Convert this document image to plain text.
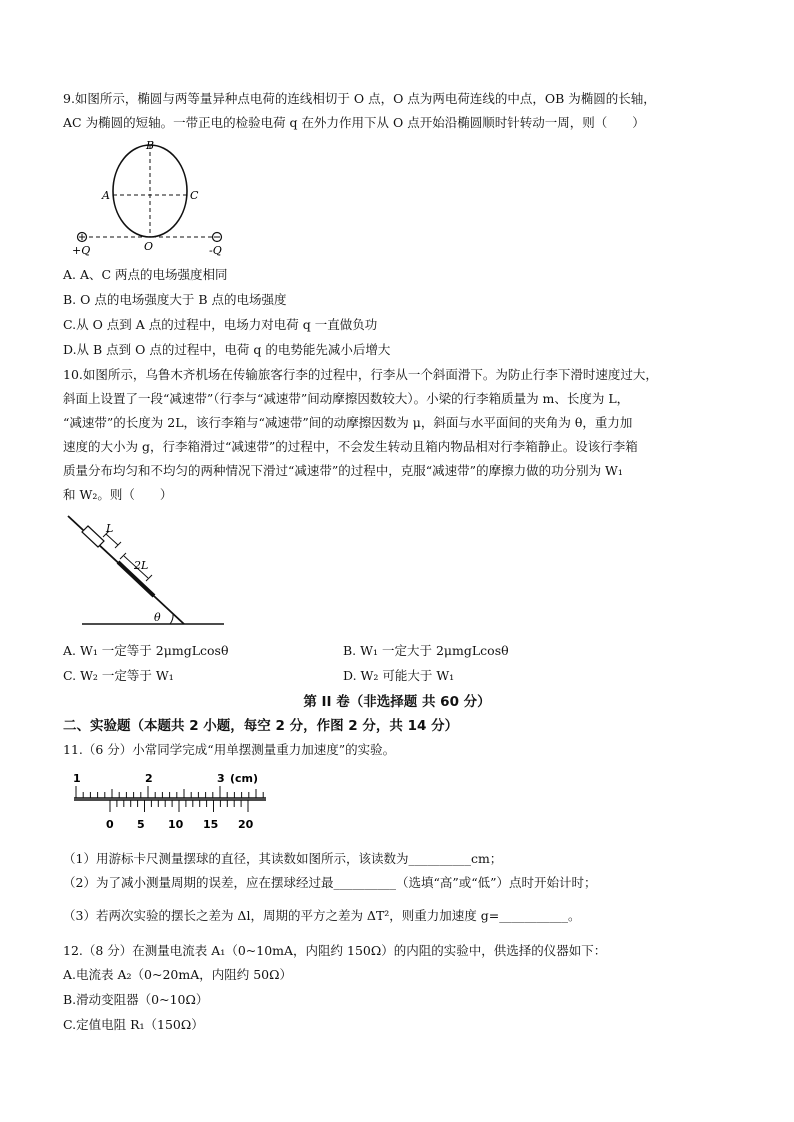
9.如图所示，椭圆与两等量异种点电荷的连线相切于 O 点，O 点为两电荷连线的中点，OB 为椭圆的长轴，
AC 为椭圆的短轴。一带正电的检验电荷 q 在外力作用下从 O 点开始沿椭圆顺时针转动一周，则（　　）
B
A	C
O
+Q	-Q
A. A、C 两点的电场强度相同
B. O 点的电场强度大于 B 点的电场强度
C.从 O 点到 A 点的过程中，电场力对电荷 q 一直做负功
D.从 B 点到 O 点的过程中，电荷 q 的电势能先减小后增大
10.如图所示，乌鲁木齐机场在传输旅客行李的过程中，行李从一个斜面滑下。为防止行李下滑时速度过大，
斜面上设置了一段“减速带”（行李与“减速带”间动摩擦因数较大）。小梁的行李箱质量为 m、长度为 L，
“减速带”的长度为 2L，该行李箱与“减速带”间的动摩擦因数为 μ，斜面与水平面间的夹角为 θ，重力加
速度的大小为 g，行李箱滑过“减速带”的过程中，不会发生转动且箱内物品相对行李箱静止。设该行李箱
质量分布均匀和不均匀的两种情况下滑过“减速带”的过程中，克服“减速带”的摩擦力做的功分别为 W₁
和 W₂。则（　　）
θ
L
2L
A. W₁ 一定等于 2μmgLcosθ	B. W₁ 一定大于 2μmgLcosθ
C. W₂ 一定等于 W₁	D. W₂ 可能大于 W₁
第 II 卷（非选择题 共 60 分）
二、实验题（本题共 2 小题，每空 2 分，作图 2 分，共 14 分）
11.（6 分）小常同学完成“用单摆测量重力加速度”的实验。
1	2	3 (cm)
0 5 10 15 20
（1）用游标卡尺测量摆球的直径，其读数如图所示，该读数为__________cm；
（2）为了减小测量周期的误差，应在摆球经过最__________（选填“高”或“低”）点时开始计时；
（3）若两次实验的摆长之差为 Δl，周期的平方之差为 ΔT²，则重力加速度 g=___________。
12.（8 分）在测量电流表 A₁（0~10mA，内阻约 150Ω）的内阻的实验中，供选择的仪器如下：
A.电流表 A₂（0~20mA，内阻约 50Ω）
B.滑动变阻器（0~10Ω）
C.定值电阻 R₁（150Ω）
